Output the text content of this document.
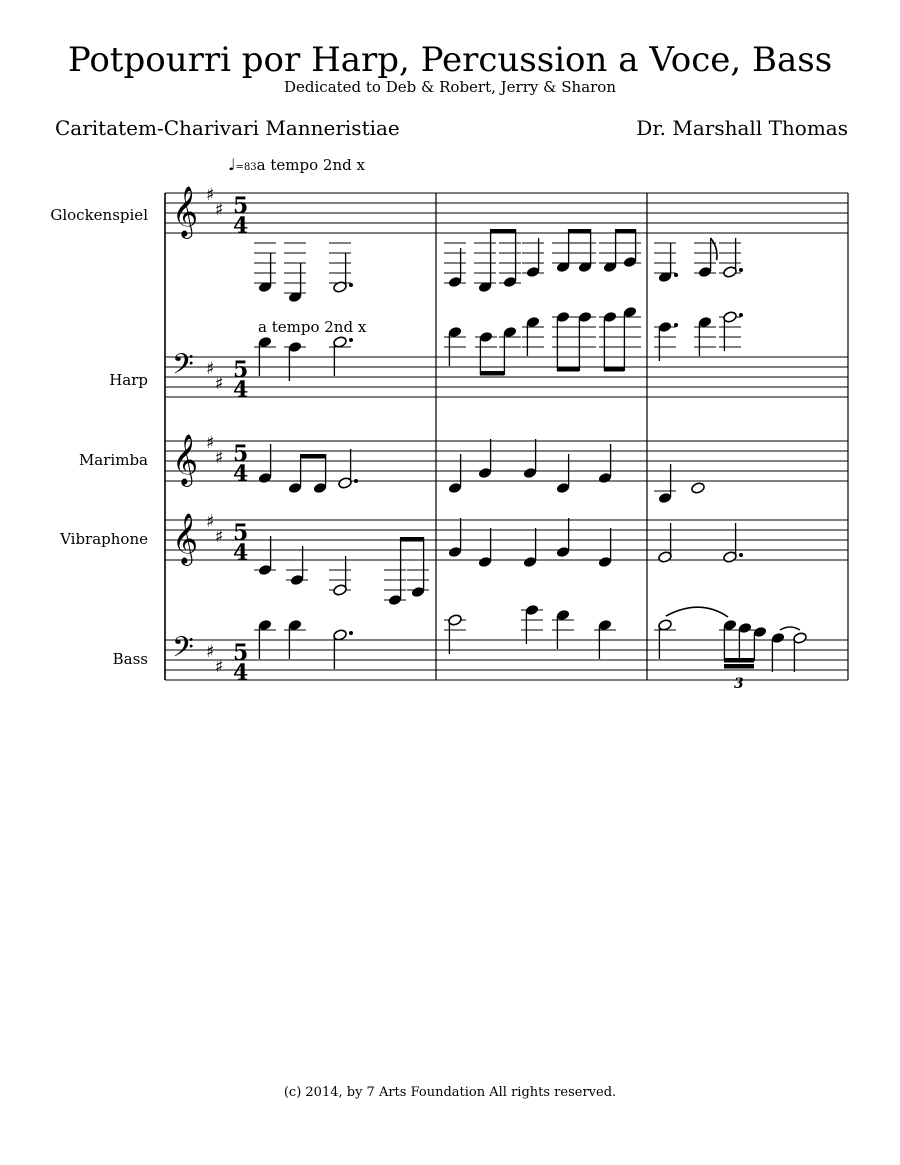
Potpourri por Harp, Percussion a Voce, Bass
Dedicated to Deb & Robert, Jerry & Sharon
Caritatem-Charivari Manneristiae	Dr. Marshall Thomas
♩=83a tempo 2nd x
a tempo 2nd x
Glockenspiel
Harp
Marimba
Vibraphone
Bass
𝄞 ♯
♯ 5
4
𝄢 ♯
♯
5
4
𝄞 ♯
♯ 5
4
𝄞 ♯
♯ 5
4
𝄢 ♯
♯
5
4	3
(c) 2014, by 7 Arts Foundation All rights reserved.
